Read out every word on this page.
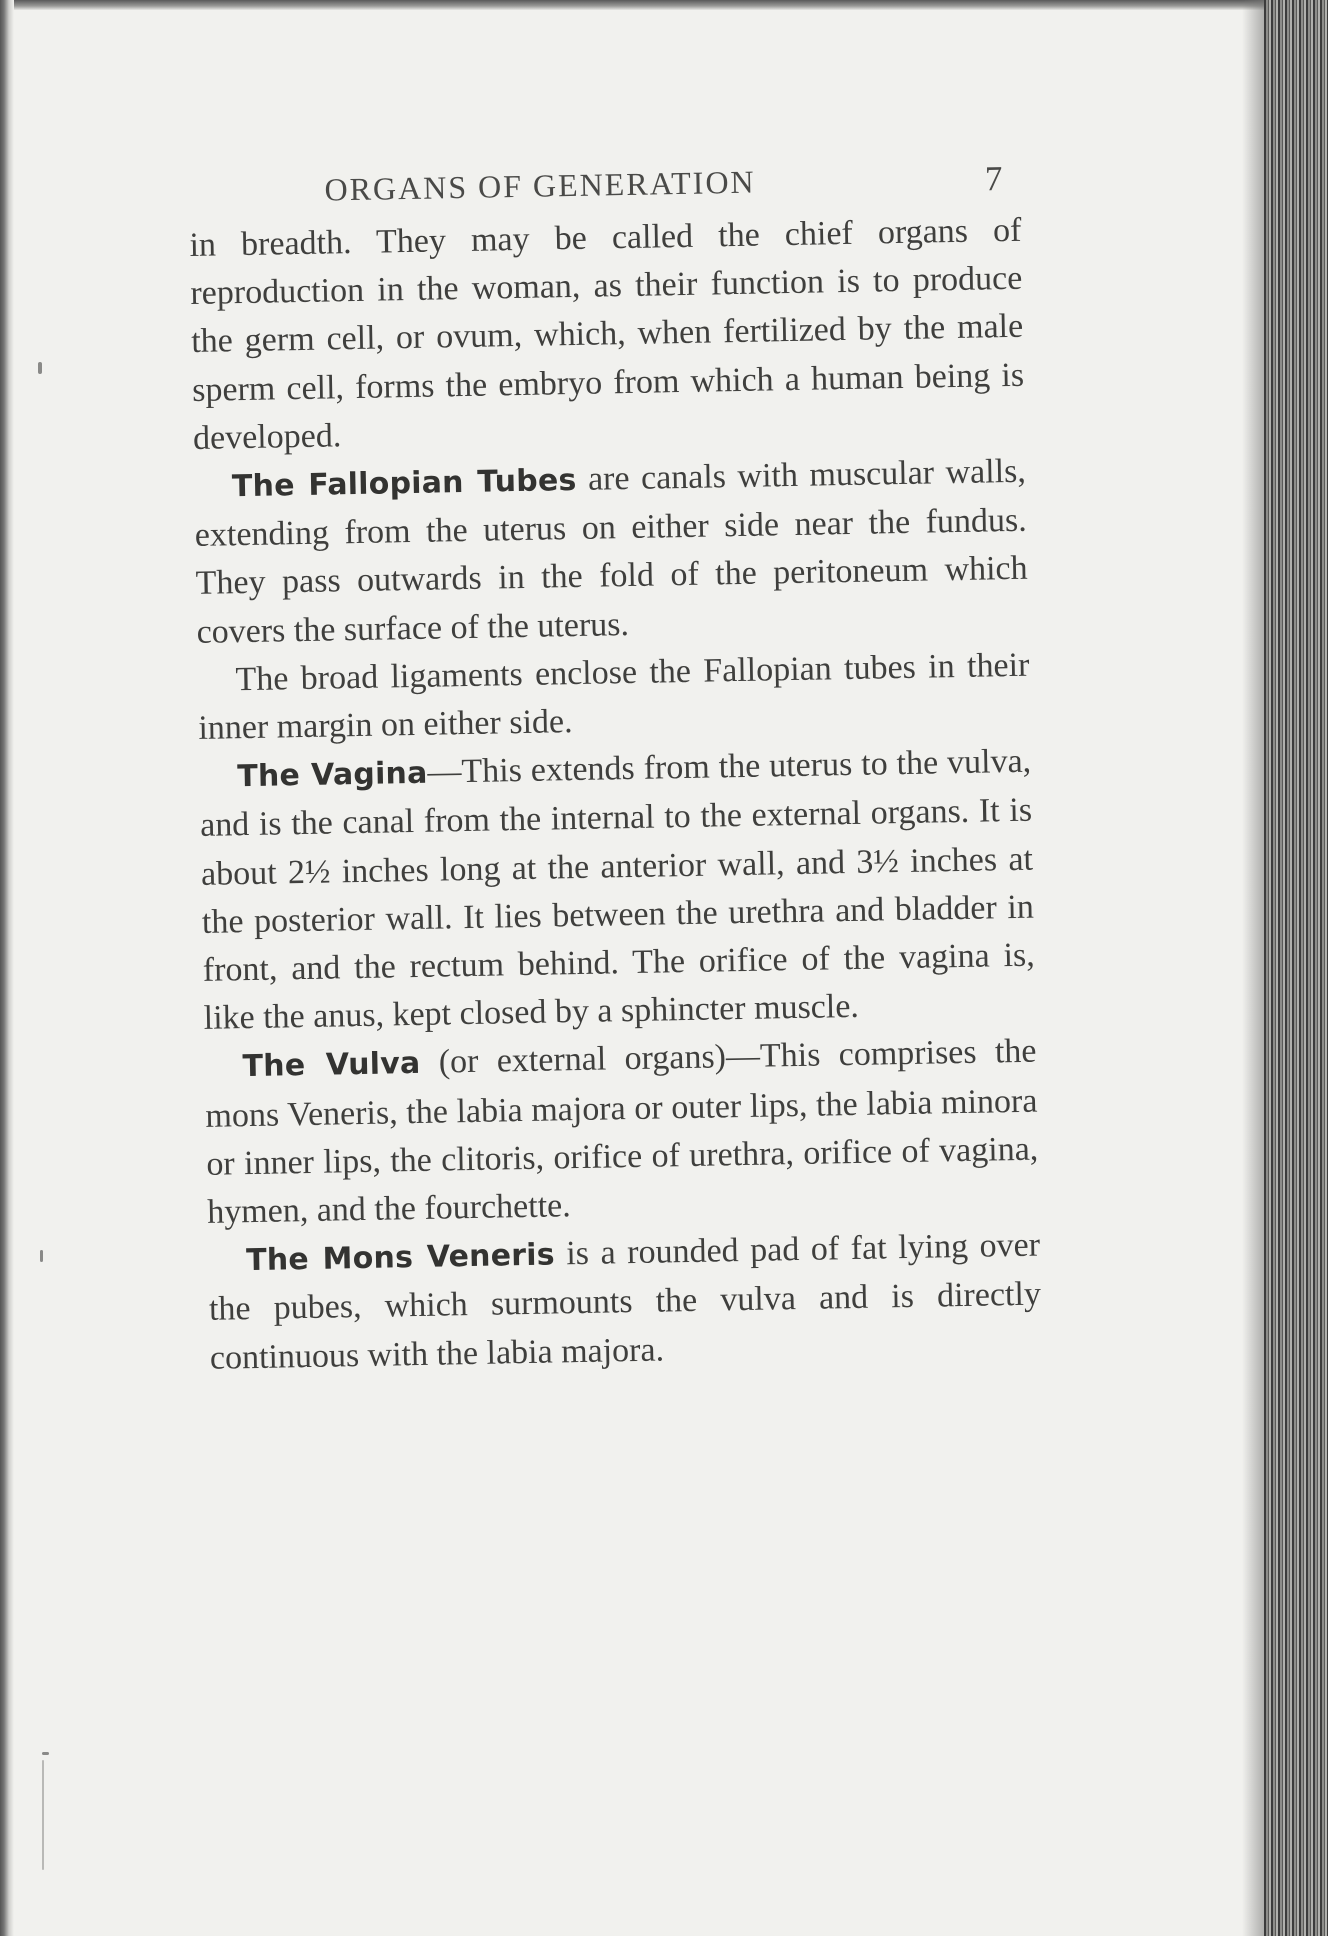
ORGANS OF GENERATION	7

in breadth. They may be called the chief organs of reproduction in the woman, as their function is to produce the germ cell, or ovum, which, when fertilized by the male sperm cell, forms the embryo from which a human being is developed.

The Fallopian Tubes are canals with muscular walls, extending from the uterus on either side near the fundus. They pass outwards in the fold of the peritoneum which covers the surface of the uterus.

The broad ligaments enclose the Fallopian tubes in their inner margin on either side.

The Vagina—This extends from the uterus to the vulva, and is the canal from the internal to the external organs. It is about 2½ inches long at the anterior wall, and 3½ inches at the posterior wall. It lies between the urethra and bladder in front, and the rectum behind. The orifice of the vagina is, like the anus, kept closed by a sphincter muscle.

The Vulva (or external organs)—This comprises the mons Veneris, the labia majora or outer lips, the labia minora or inner lips, the clitoris, orifice of urethra, orifice of vagina, hymen, and the fourchette.

The Mons Veneris is a rounded pad of fat lying over the pubes, which surmounts the vulva and is directly continuous with the labia majora.
